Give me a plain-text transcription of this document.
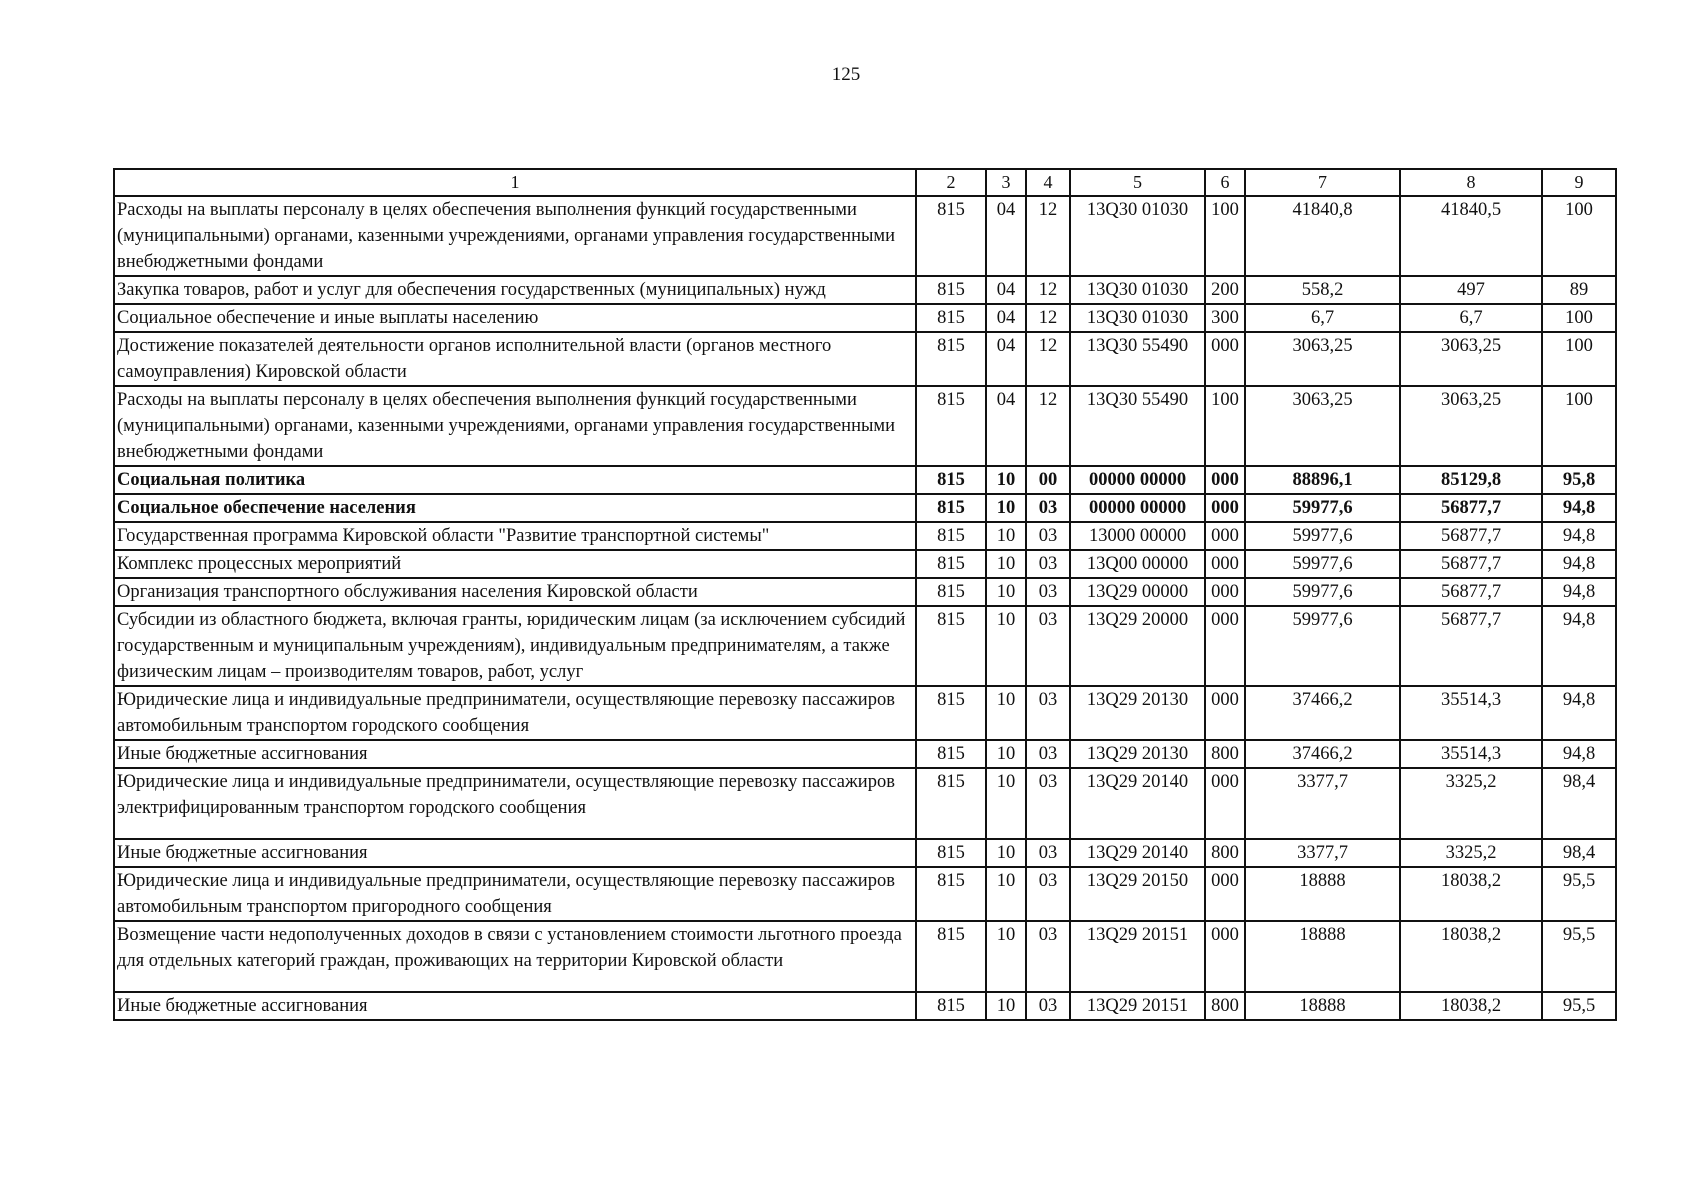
125
1	2	3	4	5	6	7	8	9
Расходы на выплаты персоналу в целях обеспечения выполнения функций государственными (муниципальными) органами, казенными учреждениями, органами управления государственными внебюджетными фондами	815	04	12	13Q30 01030	100	41840,8	41840,5	100
Закупка товаров, работ и услуг для обеспечения государственных (муниципальных) нужд	815	04	12	13Q30 01030	200	558,2	497	89
Социальное обеспечение и иные выплаты населению	815	04	12	13Q30 01030	300	6,7	6,7	100
Достижение показателей деятельности органов исполнительной власти (органов местного самоуправления) Кировской области	815	04	12	13Q30 55490	000	3063,25	3063,25	100
Расходы на выплаты персоналу в целях обеспечения выполнения функций государственными (муниципальными) органами, казенными учреждениями, органами управления государственными внебюджетными фондами	815	04	12	13Q30 55490	100	3063,25	3063,25	100
Социальная политика	815	10	00	00000 00000	000	88896,1	85129,8	95,8
Социальное обеспечение населения	815	10	03	00000 00000	000	59977,6	56877,7	94,8
Государственная программа Кировской области "Развитие транспортной системы"	815	10	03	13000 00000	000	59977,6	56877,7	94,8
Комплекс процессных мероприятий	815	10	03	13Q00 00000	000	59977,6	56877,7	94,8
Организация транспортного обслуживания населения Кировской области	815	10	03	13Q29 00000	000	59977,6	56877,7	94,8
Субсидии из областного бюджета, включая гранты, юридическим лицам (за исключением субсидий государственным и муниципальным учреждениям), индивидуальным предпринимателям, а также физическим лицам – производителям товаров, работ, услуг	815	10	03	13Q29 20000	000	59977,6	56877,7	94,8
Юридические лица и индивидуальные предприниматели, осуществляющие перевозку пассажиров автомобильным транспортом городского сообщения	815	10	03	13Q29 20130	000	37466,2	35514,3	94,8
Иные бюджетные ассигнования	815	10	03	13Q29 20130	800	37466,2	35514,3	94,8
Юридические лица и индивидуальные предприниматели, осуществляющие перевозку пассажиров электрифицированным транспортом городского сообщения	815	10	03	13Q29 20140	000	3377,7	3325,2	98,4
Иные бюджетные ассигнования	815	10	03	13Q29 20140	800	3377,7	3325,2	98,4
Юридические лица и индивидуальные предприниматели, осуществляющие перевозку пассажиров автомобильным транспортом пригородного сообщения	815	10	03	13Q29 20150	000	18888	18038,2	95,5
Возмещение части недополученных доходов в связи с установлением стоимости льготного проезда для отдельных категорий граждан, проживающих на территории Кировской области	815	10	03	13Q29 20151	000	18888	18038,2	95,5
Иные бюджетные ассигнования	815	10	03	13Q29 20151	800	18888	18038,2	95,5
